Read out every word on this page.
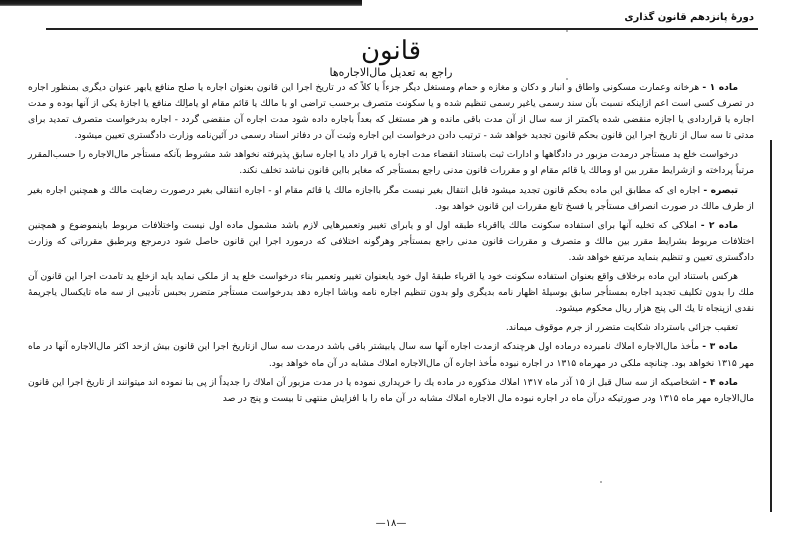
دورهٔ پانزدهم قانون گذاری
قانون
راجع به تعدیل مال‌الاجاره‌ها

ماده ۱ - هرخانه وعمارت مسکونی واطاق و انبار و دکان و مغازه و حمام ومستغل دیگر جزءاً یا کلاً که در تاریخ اجرا این قانون بعنوان اجاره یا صلح منافع یابهر عنوان دیگری بمنظور اجاره در تصرف کسی است اعم ازاینکه نسبت بآن سند رسمی یاغیر رسمی تنظیم شده و یا سکونت متصرف برحسب تراضی او با مالك یا قائم مقام او یاماِلك منافع یا اجازهٔ یکی از آنها بوده و مدت اجاره یا قراردادی یا اجازه منقضی شده یاکمتر از سه سال از آن مدت باقی مانده و هر مستغل که بعداً باجاره داده شود مدت اجاره آن منقضی گردد - اجاره بدرخواست متصرف تمدید برای مدتی تا سه سال از تاریخ اجرا این قانون بحکم قانون تجدید خواهد شد - ترتیب دادن درخواست این اجاره وثبت آن در دفاتر اسناد رسمی در آئین‌نامه وزارت دادگستری تعیین میشود.

درخواست خلع ید مستأجر درمدت مزبور در دادگاهها و ادارات ثبت باستناد انقضاء مدت اجاره یا قرار داد یا اجاره سابق پذیرفته نخواهد شد مشروط بآنکه مستأجر مال‌الاجاره را حسب‌المقرر مرتباً پرداخته و ازشرایط مقرر بین او ومالك یا قائم مقام او و مقررات قانون مدنی راجع بمستأجر که مغایر بااین قانون نباشد تخلف نکند.

تبصره - اجاره ای که مطابق این ماده بحکم قانون تجدید میشود قابل انتقال بغیر نیست مگر بااجازه مالك یا قائم مقام او - اجاره انتقالی بغیر درصورت رضایت مالك و همچنین اجاره بغیر از طرف مالك در صورت انصراف مستأجر یا فسخ تابع مقررات این قانون خواهد بود.

ماده ۲ - املاکی که تخلیه آنها برای استفاده سکونت مالك یااقرباء طبقه اول او و یابرای تغییر وتعمیرهایی لازم باشد مشمول ماده اول نیست واختلافات مربوط باینموضوع و همچنین اختلافات مربوط بشرایط مقرر بین مالك و متصرف و مقررات قانون مدنی راجع بمستأجر وهرگونه اختلافی که درمورد اجرا این قانون حاصل شود درمرجع وبرطبق مقرراتی که وزارت دادگستری تعیین و تنظیم بنماید مرتفع خواهد شد.

هرکس باستناد این ماده برخلاف واقع بعنوان استفاده سکونت خود یا اقرباء طبقهٔ اول خود یابعنوان تغییر وتعمیر بناء درخواست خلع ید از ملکی نماید باید ازخلع ید تامدت اجرا این قانون آن ملك را بدون تکلیف تجدید اجاره بمستأجر سابق بوسیلهٔ اظهار نامه بدیگری ولو بدون تنظیم اجاره نامه وباشا اجاره دهد بدرخواست مستأجر متضرر بحبس تأدیبی از سه ماه تایکسال یاجریمهٔ نقدی ازپنجاه تا یك الی پنج هزار ریال محکوم میشود.

تعقیب جزائی باسترداد شکایت متضرر از جرم موقوف میماند.

ماده ۳ - مأخذ مال‌الاجاره املاك نامبرده درماده اول هرچندکه ازمدت اجاره آنها سه سال یابیشتر باقی باشد درمدت سه سال ازتاریخ اجرا این قانون بیش ازحد اکثر مال‌الاجاره آنها در ماه مهر ۱۳۱۵ نخواهد بود. چنانچه ملکی در مهرماه ۱۳۱۵ در اجاره نبوده مأخذ اجاره آن مال‌الاجاره املاك مشابه در آن ماه خواهد بود.

ماده ۴ - اشخاصیکه از سه سال قبل از ۱۵ آذر ماه ۱۳۱۷ املاك مذکوره در ماده یك را خریداری نموده یا در مدت مزبور آن املاك را جدیداً از پی بنا نموده اند میتوانند از تاریخ اجرا این قانون مال‌الاجاره مهر ماه ۱۳۱۵ ودر صورتیکه درآن ماه در اجاره نبوده مال الاجاره املاك مشابه در آن ماه را با افزایش منتهی تا بیست و پنج در صد

—۱۸—
